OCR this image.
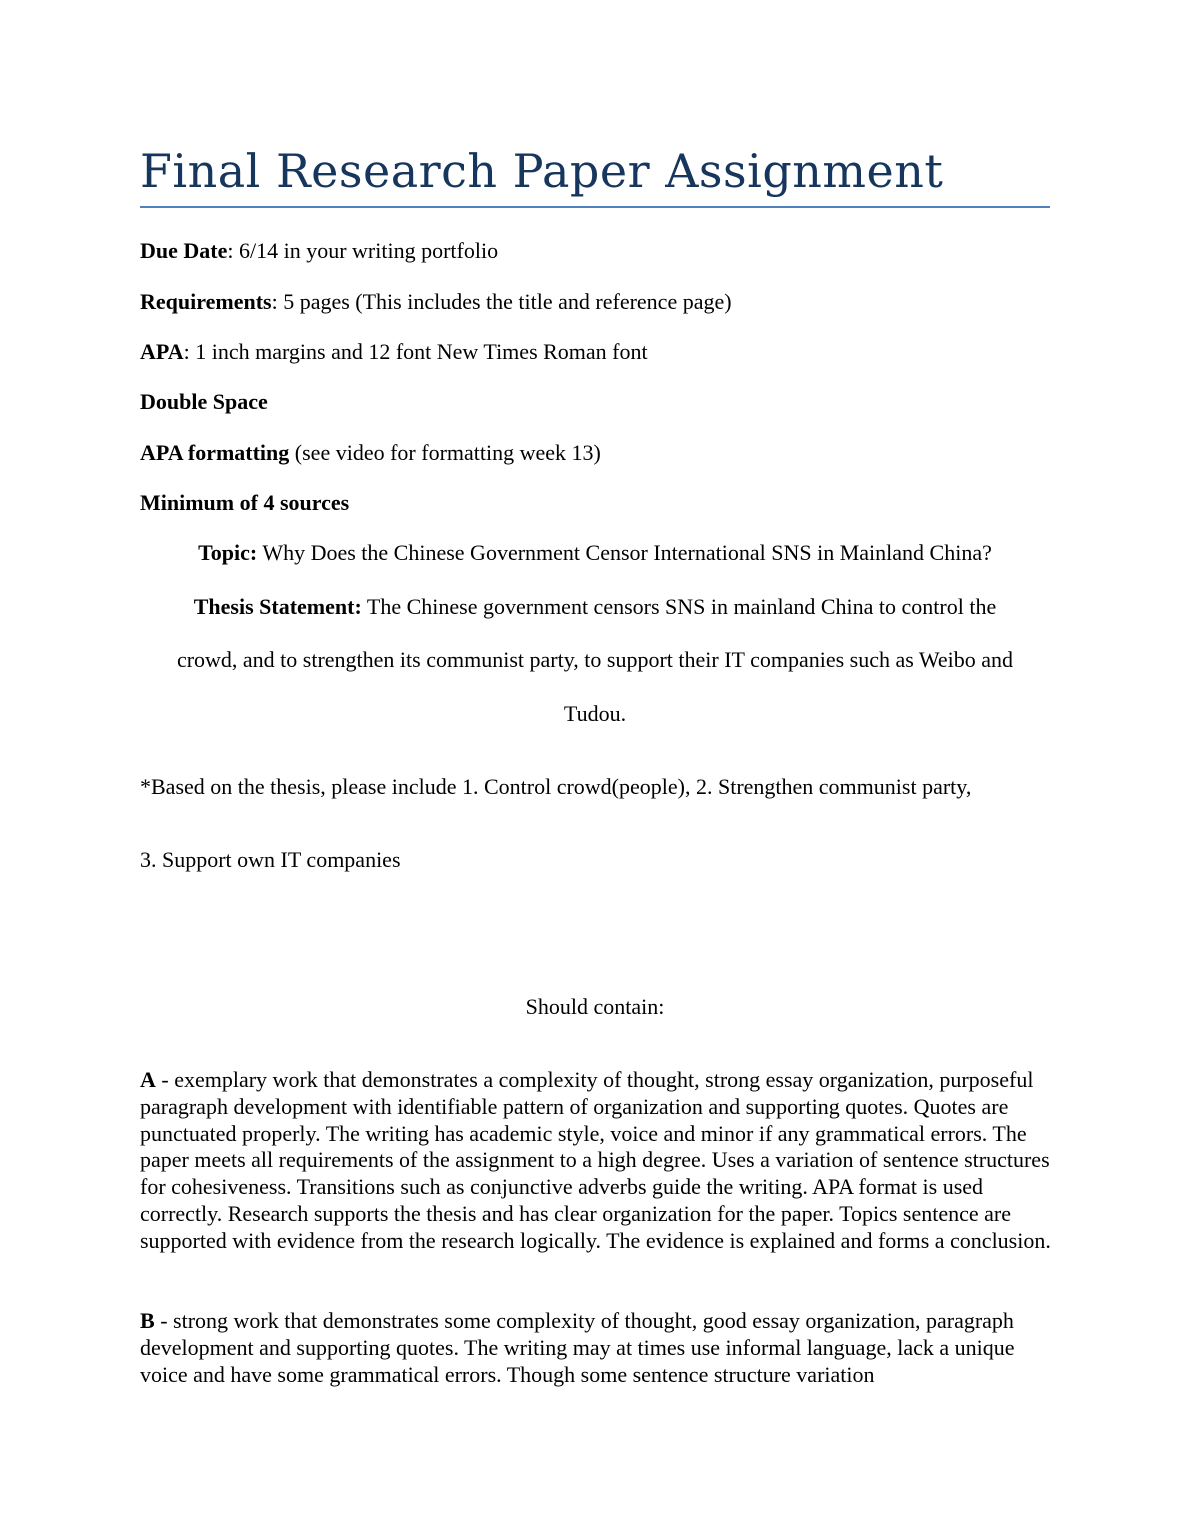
Final Research Paper Assignment

Due Date: 6/14 in your writing portfolio

Requirements: 5 pages (This includes the title and reference page)

APA: 1 inch margins and 12 font New Times Roman font

Double Space

APA formatting (see video for formatting week 13)

Minimum of 4 sources

Topic: Why Does the Chinese Government Censor International SNS in Mainland China?

Thesis Statement: The Chinese government censors SNS in mainland China to control the

crowd, and to strengthen its communist party, to support their IT companies such as Weibo and

Tudou.

*Based on the thesis, please include 1. Control crowd(people), 2. Strengthen communist party,

3. Support own IT companies

Should contain:

A - exemplary work that demonstrates a complexity of thought, strong essay organization, purposeful paragraph development with identifiable pattern of organization and supporting quotes. Quotes are punctuated properly. The writing has academic style, voice and minor if any grammatical errors. The paper meets all requirements of the assignment to a high degree. Uses a variation of sentence structures for cohesiveness. Transitions such as conjunctive adverbs guide the writing. APA format is used correctly. Research supports the thesis and has clear organization for the paper. Topics sentence are supported with evidence from the research logically. The evidence is explained and forms a conclusion.

B - strong work that demonstrates some complexity of thought, good essay organization, paragraph development and supporting quotes. The writing may at times use informal language, lack a unique voice and have some grammatical errors. Though some sentence structure variation
